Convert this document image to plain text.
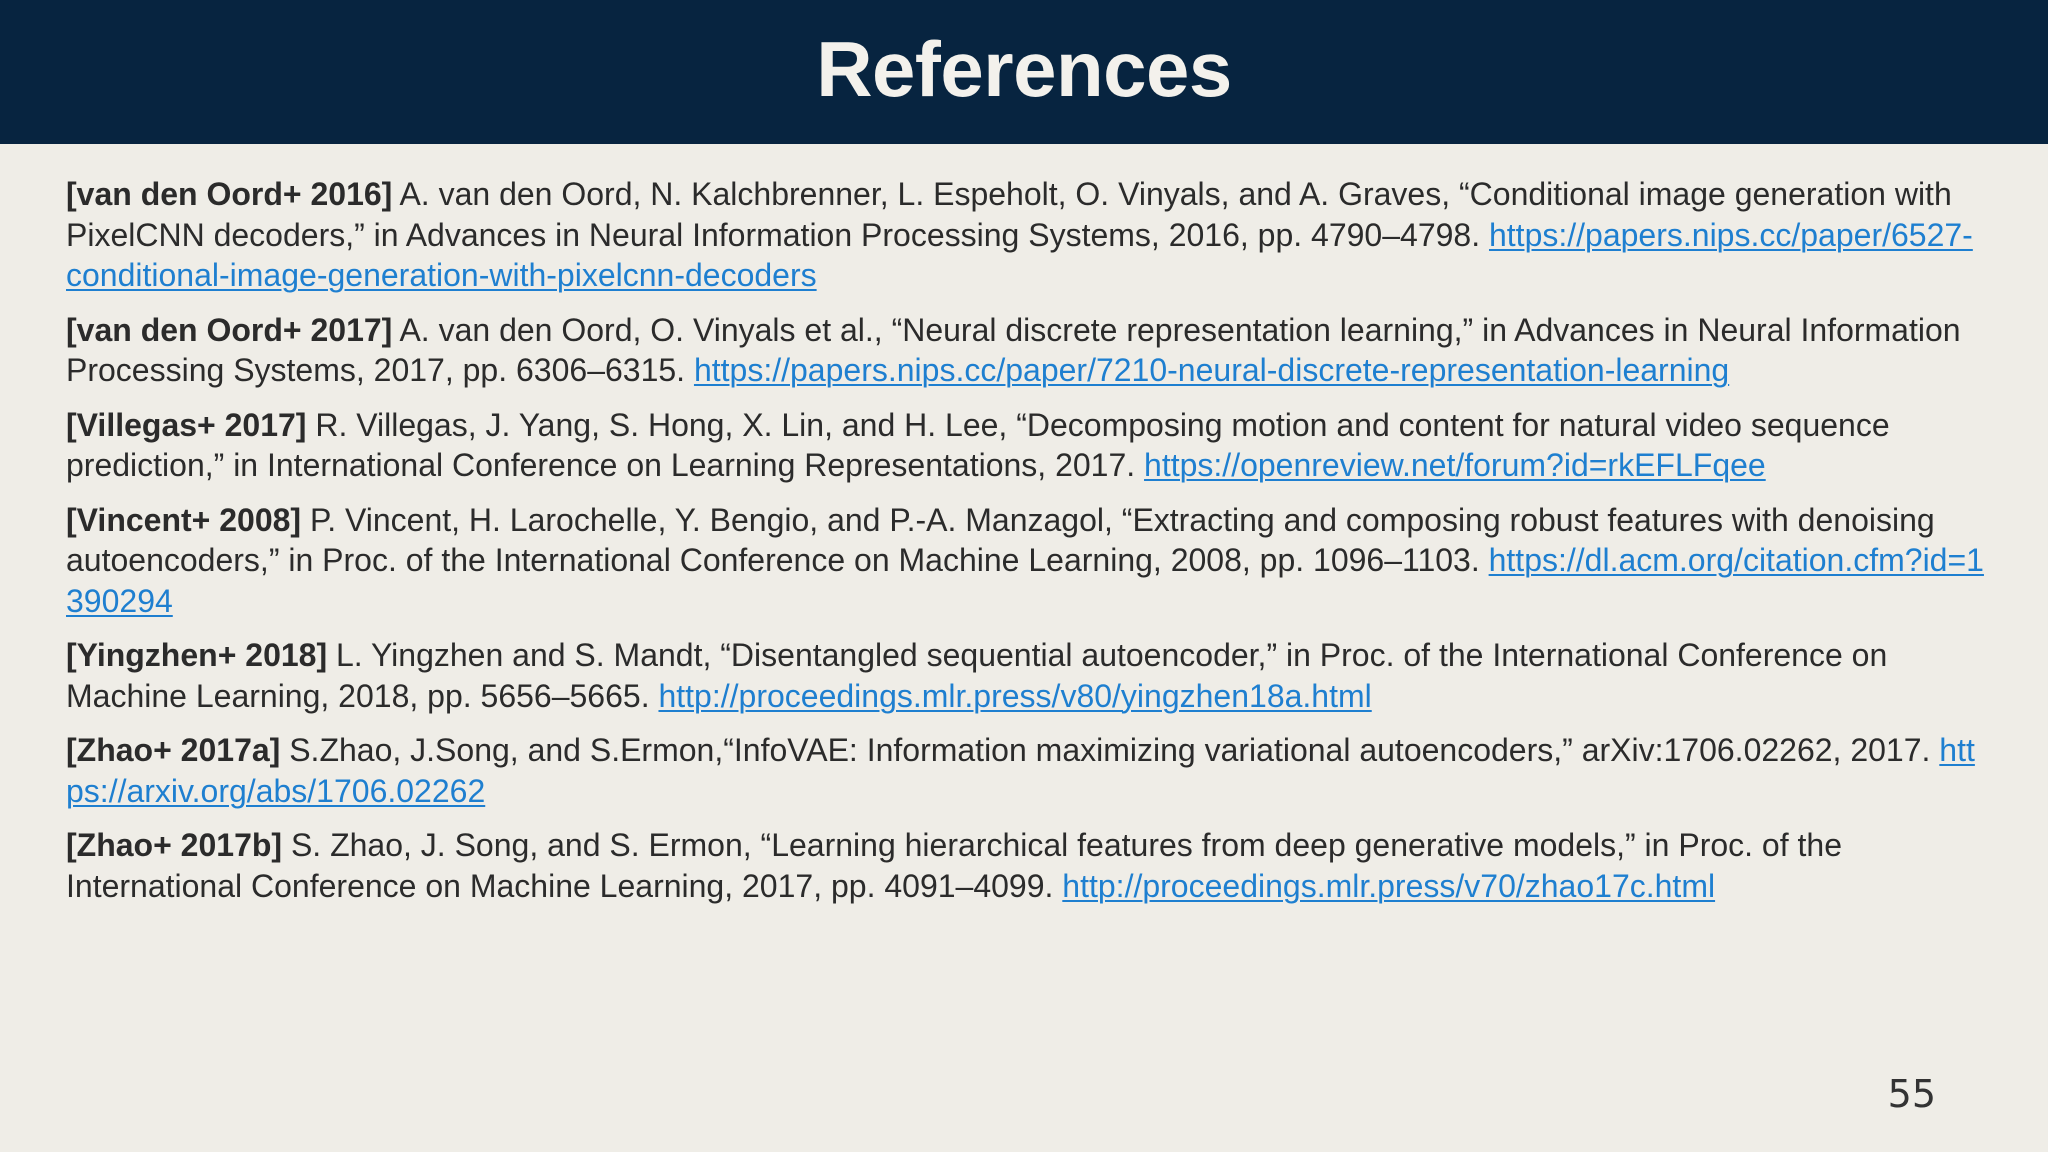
References
[van den Oord+ 2016] A. van den Oord, N. Kalchbrenner, L. Espeholt, O. Vinyals, and A. Graves, “Conditional image generation with PixelCNN decoders,” in Advances in Neural Information Processing Systems, 2016, pp. 4790–4798. https://papers.nips.cc/paper/6527-conditional-image-generation-with-pixelcnn-decoders
[van den Oord+ 2017] A. van den Oord, O. Vinyals et al., “Neural discrete representation learning,” in Advances in Neural Information Processing Systems, 2017, pp. 6306–6315. https://papers.nips.cc/paper/7210-neural-discrete-representation-learning
[Villegas+ 2017] R. Villegas, J. Yang, S. Hong, X. Lin, and H. Lee, “Decomposing motion and content for natural video sequence prediction,” in International Conference on Learning Representations, 2017. https://openreview.net/forum?id=rkEFLFqee
[Vincent+ 2008] P. Vincent, H. Larochelle, Y. Bengio, and P.-A. Manzagol, “Extracting and composing robust features with denoising autoencoders,” in Proc. of the International Conference on Machine Learning, 2008, pp. 1096–1103. https://dl.acm.org/citation.cfm?id=1390294
[Yingzhen+ 2018] L. Yingzhen and S. Mandt, “Disentangled sequential autoencoder,” in Proc. of the International Conference on Machine Learning, 2018, pp. 5656–5665. http://proceedings.mlr.press/v80/yingzhen18a.html
[Zhao+ 2017a] S.Zhao, J.Song, and S.Ermon,“InfoVAE: Information maximizing variational autoencoders,” arXiv:1706.02262, 2017. https://arxiv.org/abs/1706.02262
[Zhao+ 2017b] S. Zhao, J. Song, and S. Ermon, “Learning hierarchical features from deep generative models,” in Proc. of the International Conference on Machine Learning, 2017, pp. 4091–4099. http://proceedings.mlr.press/v70/zhao17c.html
55
